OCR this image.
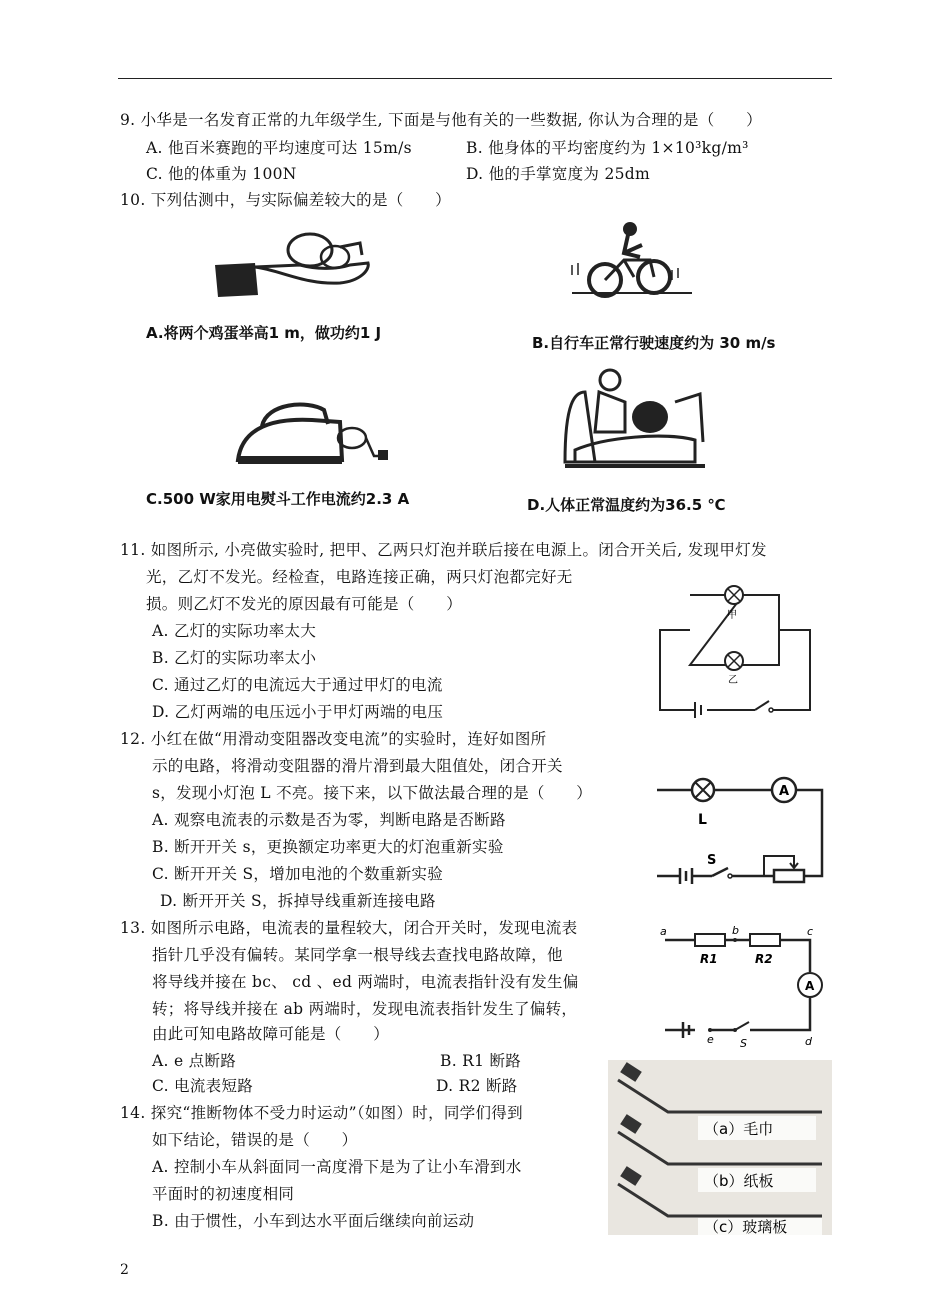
9. 小华是一名发育正常的九年级学生, 下面是与他有关的一些数据, 你认为合理的是（　　）
A. 他百米赛跑的平均速度可达 15m/s	B. 他身体的平均密度约为 1×10³kg/m³
C. 他的体重为 100N	D. 他的手掌宽度为 25dm
10. 下列估测中，与实际偏差较大的是（　　）
A.将两个鸡蛋举高1 m，做功约1 J
B.自行车正常行驶速度约为 30 m/s
C.500 W家用电熨斗工作电流约2.3 A	D.人体正常温度约为36.5 ℃
11. 如图所示, 小亮做实验时, 把甲、乙两只灯泡并联后接在电源上。闭合开关后, 发现甲灯发
光，乙灯不发光。经检查，电路连接正确，两只灯泡都完好无
损。则乙灯不发光的原因最有可能是（　　）
A. 乙灯的实际功率太大
B. 乙灯的实际功率太小
C. 通过乙灯的电流远大于通过甲灯的电流
D. 乙灯两端的电压远小于甲灯两端的电压
甲
乙
12. 小红在做“用滑动变阻器改变电流”的实验时，连好如图所
示的电路，将滑动变阻器的滑片滑到最大阻值处，闭合开关
s，发现小灯泡 L 不亮。接下来，以下做法最合理的是（　　）
A. 观察电流表的示数是否为零，判断电路是否断路
B. 断开开关 s，更换额定功率更大的灯泡重新实验
C. 断开开关 S，增加电池的个数重新实验
D. 断开开关 S，拆掉导线重新连接电路
A
L
S
13. 如图所示电路，电流表的量程较大，闭合开关时，发现电流表
指针几乎没有偏转。某同学拿一根导线去查找电路故障，他
将导线并接在 bc、 cd 、ed 两端时，电流表指针没有发生偏
转；将导线并接在 ab 两端时，发现电流表指针发生了偏转，
由此可知电路故障可能是（　　）
A. e 点断路	B. R1 断路
C. 电流表短路	D. R2 断路
A
a	b	c
d
e
R1	R2
S
14. 探究“推断物体不受力时运动”（如图）时，同学们得到
如下结论，错误的是（　　）
A. 控制小车从斜面同一高度滑下是为了让小车滑到水
平面时的初速度相同
B. 由于惯性，小车到达水平面后继续向前运动
（a）毛巾
（b）纸板
（c）玻璃板
2
